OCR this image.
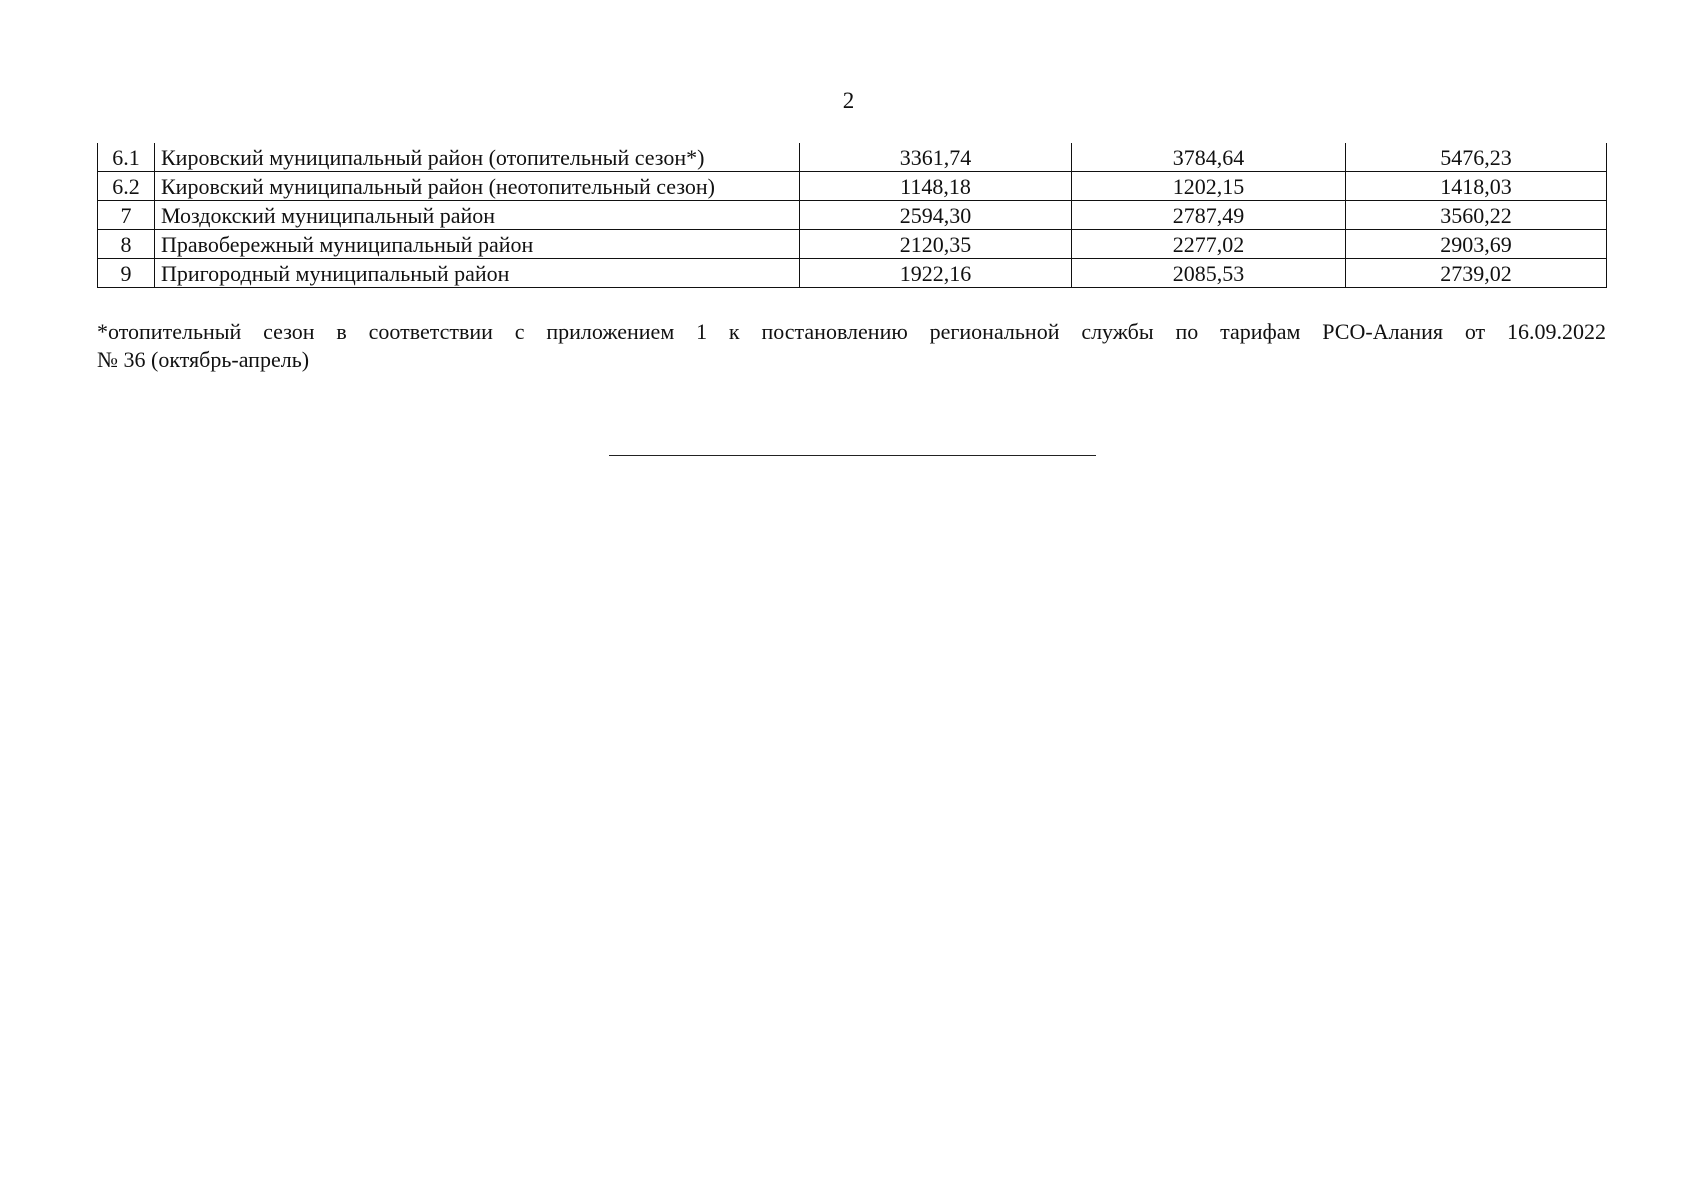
2
6.1	Кировский муниципальный район (отопительный сезон*)	3361,74	3784,64	5476,23
6.2	Кировский муниципальный район (неотопительный сезон)	1148,18	1202,15	1418,03
7	Моздокский муниципальный район	2594,30	2787,49	3560,22
8	Правобережный муниципальный район	2120,35	2277,02	2903,69
9	Пригородный муниципальный район	1922,16	2085,53	2739,02
*отопительный сезон в соответствии с приложением 1 к постановлению региональной службы по тарифам РСО-Алания от 16.09.2022
№ 36 (октябрь-апрель)
